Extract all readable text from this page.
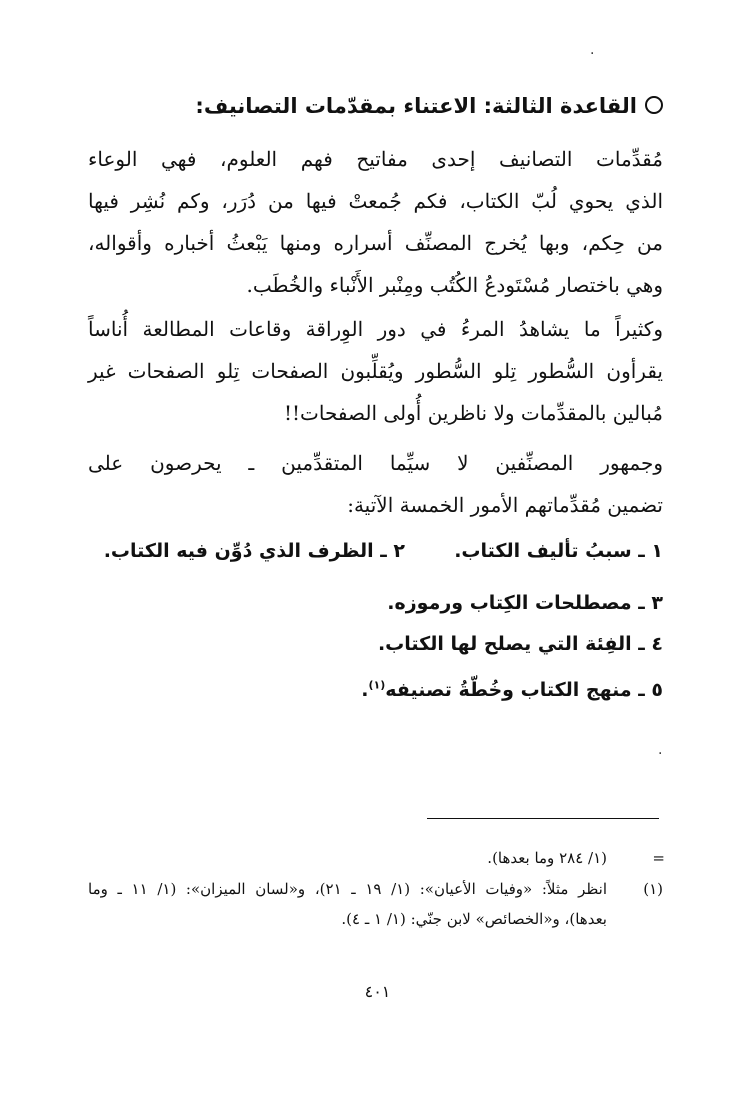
.
القاعدة الثالثة: الاعتناء بمقدّمات التصانيف:
مُقدِّمات التصانيف إحدى مفاتيح فهم العلوم، فهي الوعاء
الذي يحوي لُبّ الكتاب، فكم جُمعتْ فيها من دُرَر، وكم نُشِر فيها
من حِكم، وبها يُخرج المصنِّف أسراره ومنها يَبْعثُ أخباره وأقواله،
وهي باختصار مُسْتَودعُ الكُتُب ومِنْبر الأَنْباء والخُطَب.
وكثيراً ما يشاهدُ المرءُ في دور الوِراقة وقاعات المطالعة أُناساً
يقرأون السُّطور تِلو السُّطور ويُقلِّبون الصفحات تِلو الصفحات غير
مُبالين بالمقدِّمات ولا ناظرين أُولى الصفحات!!
وجمهور المصنِّفين لا سيِّما المتقدِّمين ـ يحرصون على
تضمين مُقدِّماتهم الأمور الخمسة الآتية:
١ ـ سببُ تأليف الكتاب.
٢ ـ الظرف الذي دُوِّن فيه الكتاب.
٣ ـ مصطلحات الكِتاب ورموزه.
٤ ـ الفِئة التي يصلح لها الكتاب.
٥ ـ منهج الكتاب وخُطّةُ تصنيفه$^{(١)}$.
.
=
(١/ ٢٨٤ وما بعدها).
(١)
انظر مثلاً: «وفيات الأعيان»: (١/ ١٩ ـ ٢١)، و«لسان الميزان»: (١/ ١١ ـ وما
بعدها)، و«الخصائص» لابن جنّي: (١/ ١ ـ ٤).
٤٠١
